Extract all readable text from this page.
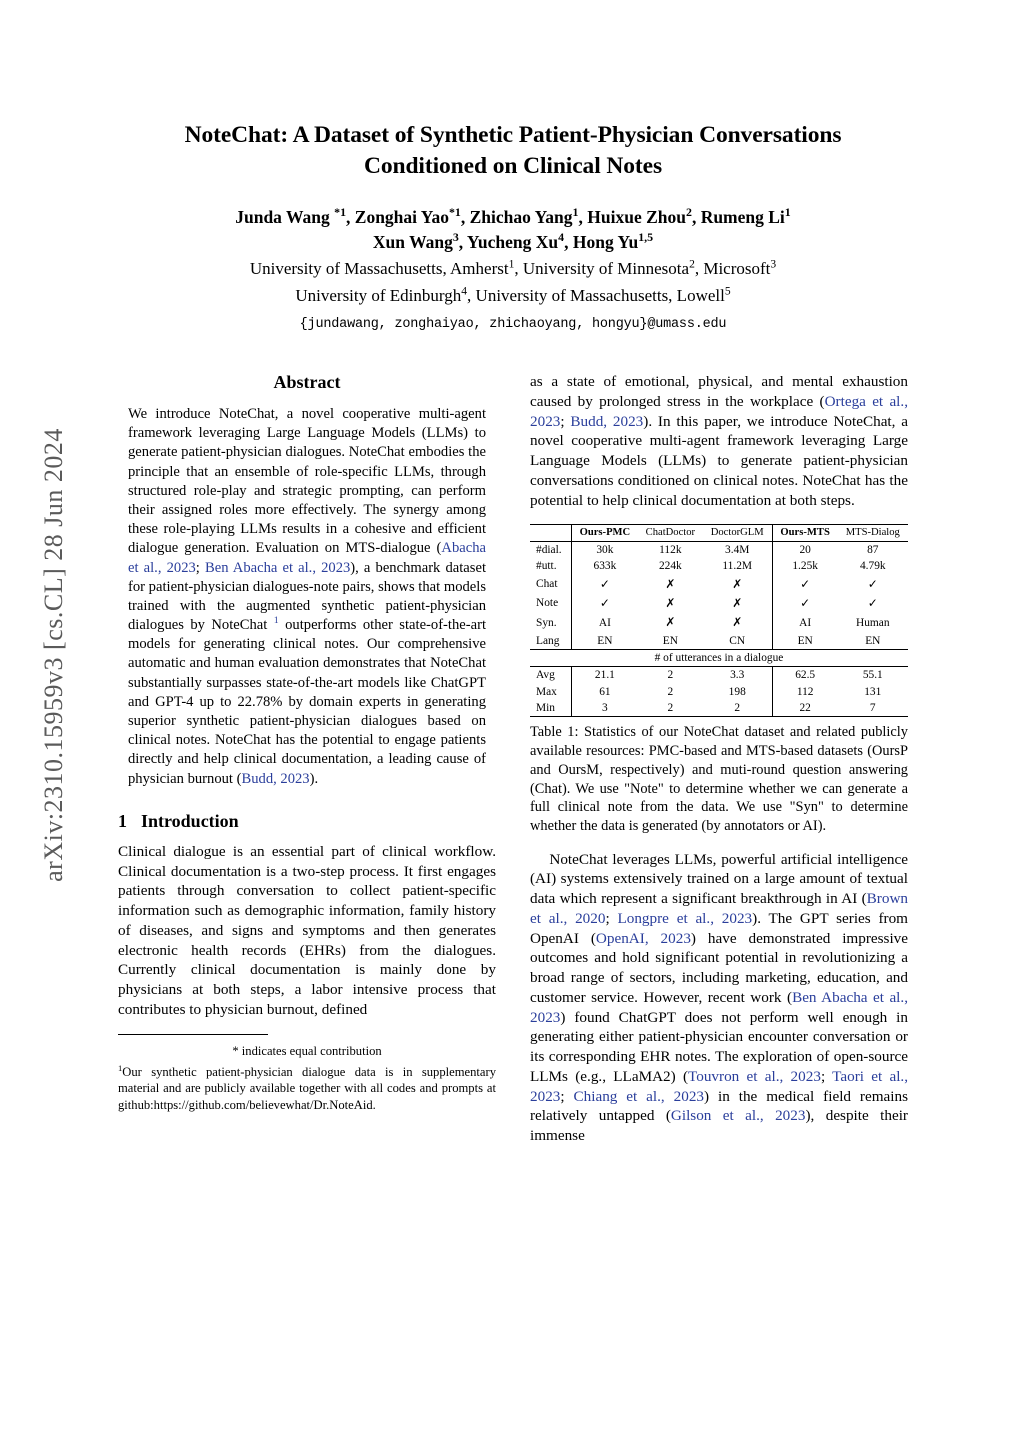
arXiv:2310.15959v3 [cs.CL] 28 Jun 2024
NoteChat: A Dataset of Synthetic Patient-Physician Conversations
Conditioned on Clinical Notes
Junda Wang $^{*1}$, Zonghai Yao$^{*1}$, Zhichao Yang$^1$, Huixue Zhou$^2$, Rumeng Li$^1$
Xun Wang$^3$, Yucheng Xu$^4$, Hong Yu$^{1,5}$
University of Massachusetts, Amherst$^1$, University of Minnesota$^2$, Microsoft$^3$
University of Edinburgh$^4$, University of Massachusetts, Lowell$^5$
{jundawang, zonghaiyao, zhichaoyang, hongyu}@umass.edu
Abstract
We introduce NoteChat, a novel cooperative multi-agent framework leveraging Large Language Models (LLMs) to generate patient-physician dialogues. NoteChat embodies the principle that an ensemble of role-specific LLMs, through structured role-play and strategic prompting, can perform their assigned roles more effectively. The synergy among these role-playing LLMs results in a cohesive and efficient dialogue generation. Evaluation on MTS-dialogue (Abacha et al., 2023; Ben Abacha et al., 2023), a benchmark dataset for patient-physician dialogues-note pairs, shows that models trained with the augmented synthetic patient-physician dialogues by NoteChat $^1$ outperforms other state-of-the-art models for generating clinical notes. Our comprehensive automatic and human evaluation demonstrates that NoteChat substantially surpasses state-of-the-art models like ChatGPT and GPT-4 up to 22.78% by domain experts in generating superior synthetic patient-physician dialogues based on clinical notes. NoteChat has the potential to engage patients directly and help clinical documentation, a leading cause of physician burnout (Budd, 2023).
1 Introduction

Clinical dialogue is an essential part of clinical workflow. Clinical documentation is a two-step process. It first engages patients through conversation to collect patient-specific information such as demographic information, family history of diseases, and signs and symptoms and then generates electronic health records (EHRs) from the dialogues. Currently clinical documentation is mainly done by physicians at both steps, a labor intensive process that contributes to physician burnout, defined

* indicates equal contribution
$^1$Our synthetic patient-physician dialogue data is in supplementary material and are publicly available together with all codes and prompts at github:https://github.com/believewhat/Dr.NoteAid.

as a state of emotional, physical, and mental exhaustion caused by prolonged stress in the workplace (Ortega et al., 2023; Budd, 2023). In this paper, we introduce NoteChat, a novel cooperative multi-agent framework leveraging Large Language Models (LLMs) to generate patient-physician conversations conditioned on clinical notes. NoteChat has the potential to help clinical documentation at both steps.

	Ours-PMC	ChatDoctor	DoctorGLM	Ours-MTS	MTS-Dialog
#dial.	30k	112k	3.4M	20	87
#utt.	633k	224k	11.2M	1.25k	4.79k
Chat	✓	✗	✗	✓	✓
Note	✓	✗	✗	✓	✓
Syn.	AI	✗	✗	AI	Human
Lang	EN	EN	CN	EN	EN
# of utterances in a dialogue					
Avg	21.1	2	3.3	62.5	55.1
Max	61	2	198	112	131
Min	3	2	2	22	7
Table 1: Statistics of our NoteChat dataset and related publicly available resources: PMC-based and MTS-based datasets (OursP and OursM, respectively) and muti-round question answering (Chat). We use "Note" to determine whether we can generate a full clinical note from the data. We use "Syn" to determine whether the data is generated (by annotators or AI).

NoteChat leverages LLMs, powerful artificial intelligence (AI) systems extensively trained on a large amount of textual data which represent a significant breakthrough in AI (Brown et al., 2020; Longpre et al., 2023). The GPT series from OpenAI (OpenAI, 2023) have demonstrated impressive outcomes and hold significant potential in revolutionizing a broad range of sectors, including marketing, education, and customer service. However, recent work (Ben Abacha et al., 2023) found ChatGPT does not perform well enough in generating either patient-physician encounter conversation or its corresponding EHR notes. The exploration of open-source LLMs (e.g., LLaMA2) (Touvron et al., 2023; Taori et al., 2023; Chiang et al., 2023) in the medical field remains relatively untapped (Gilson et al., 2023), despite their immense
